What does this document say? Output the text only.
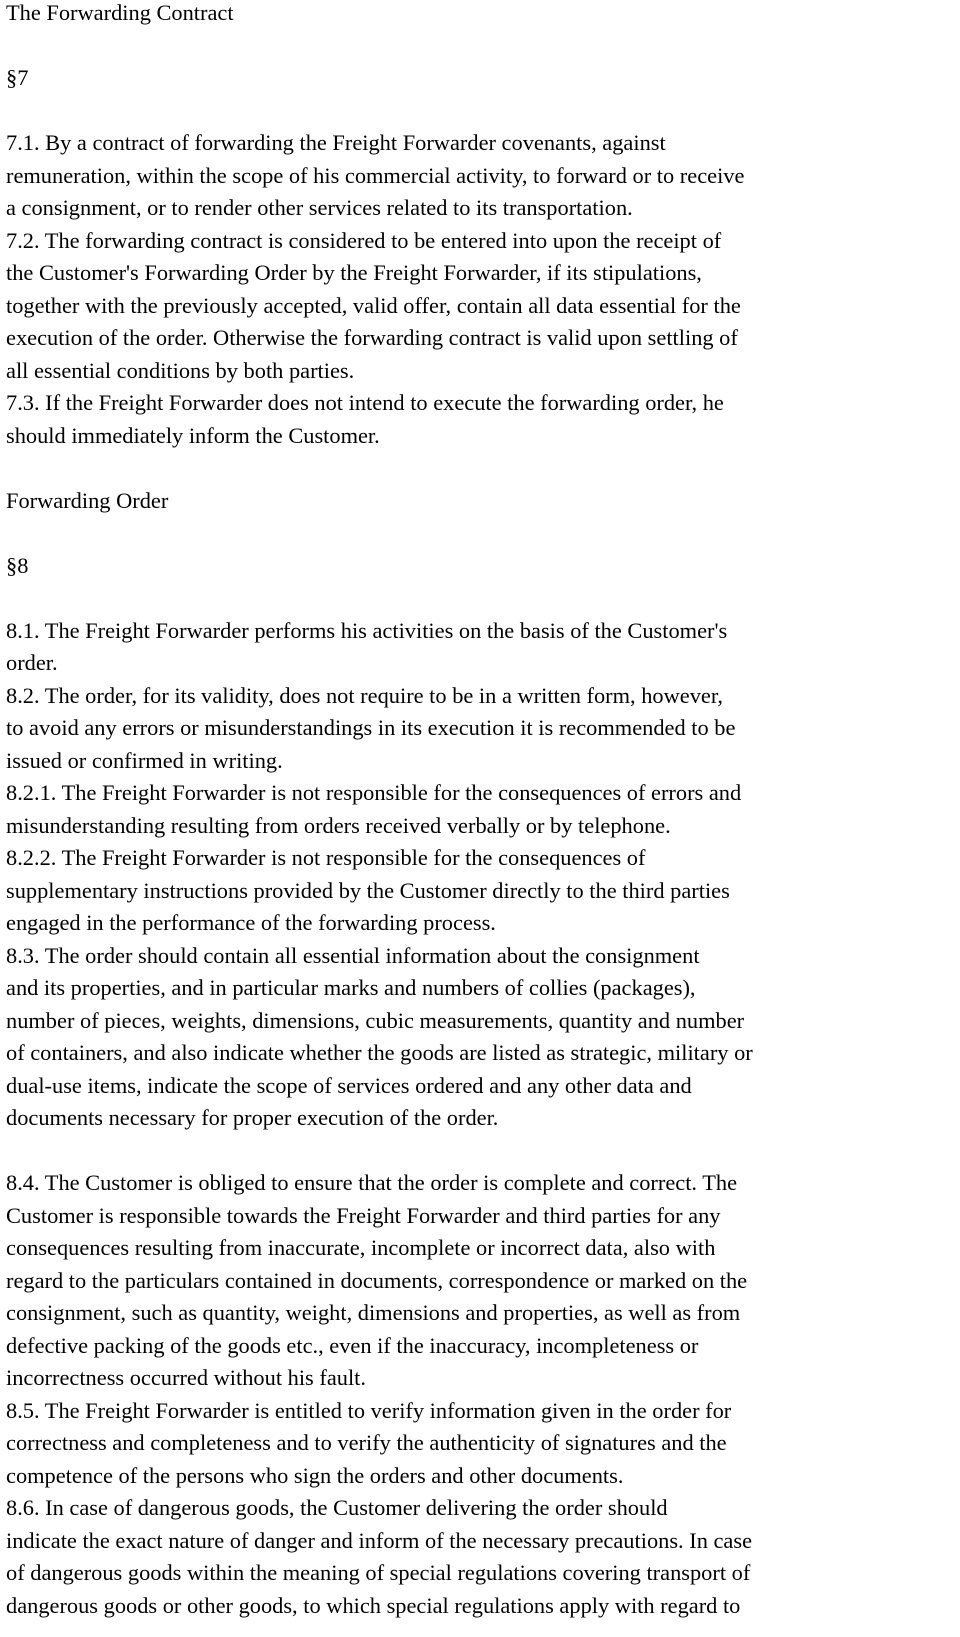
The Forwarding Contract

§7

7.1. By a contract of forwarding the Freight Forwarder covenants, against
remuneration, within the scope of his commercial activity, to forward or to receive
a consignment, or to render other services related to its transportation.

7.2. The forwarding contract is considered to be entered into upon the receipt of
the Customer's Forwarding Order by the Freight Forwarder, if its stipulations,
together with the previously accepted, valid offer, contain all data essential for the
execution of the order. Otherwise the forwarding contract is valid upon settling of
all essential conditions by both parties.

7.3. If the Freight Forwarder does not intend to execute the forwarding order, he
should immediately inform the Customer.

Forwarding Order

§8

8.1. The Freight Forwarder performs his activities on the basis of the Customer's
order.

8.2. The order, for its validity, does not require to be in a written form, however,
to avoid any errors or misunderstandings in its execution it is recommended to be
issued or confirmed in writing.

8.2.1. The Freight Forwarder is not responsible for the consequences of errors and
misunderstanding resulting from orders received verbally or by telephone.

8.2.2. The Freight Forwarder is not responsible for the consequences of
supplementary instructions provided by the Customer directly to the third parties
engaged in the performance of the forwarding process.

8.3. The order should contain all essential information about the consignment
and its properties, and in particular marks and numbers of collies (packages),
number of pieces, weights, dimensions, cubic measurements, quantity and number
of containers, and also indicate whether the goods are listed as strategic, military or
dual-use items, indicate the scope of services ordered and any other data and
documents necessary for proper execution of the order.

8.4. The Customer is obliged to ensure that the order is complete and correct. The
Customer is responsible towards the Freight Forwarder and third parties for any
consequences resulting from inaccurate, incomplete or incorrect data, also with
regard to the particulars contained in documents, correspondence or marked on the
consignment, such as quantity, weight, dimensions and properties, as well as from
defective packing of the goods etc., even if the inaccuracy, incompleteness or
incorrectness occurred without his fault.

8.5. The Freight Forwarder is entitled to verify information given in the order for
correctness and completeness and to verify the authenticity of signatures and the
competence of the persons who sign the orders and other documents.

8.6. In case of dangerous goods, the Customer delivering the order should
indicate the exact nature of danger and inform of the necessary precautions. In case
of dangerous goods within the meaning of special regulations covering transport of
dangerous goods or other goods, to which special regulations apply with regard to
